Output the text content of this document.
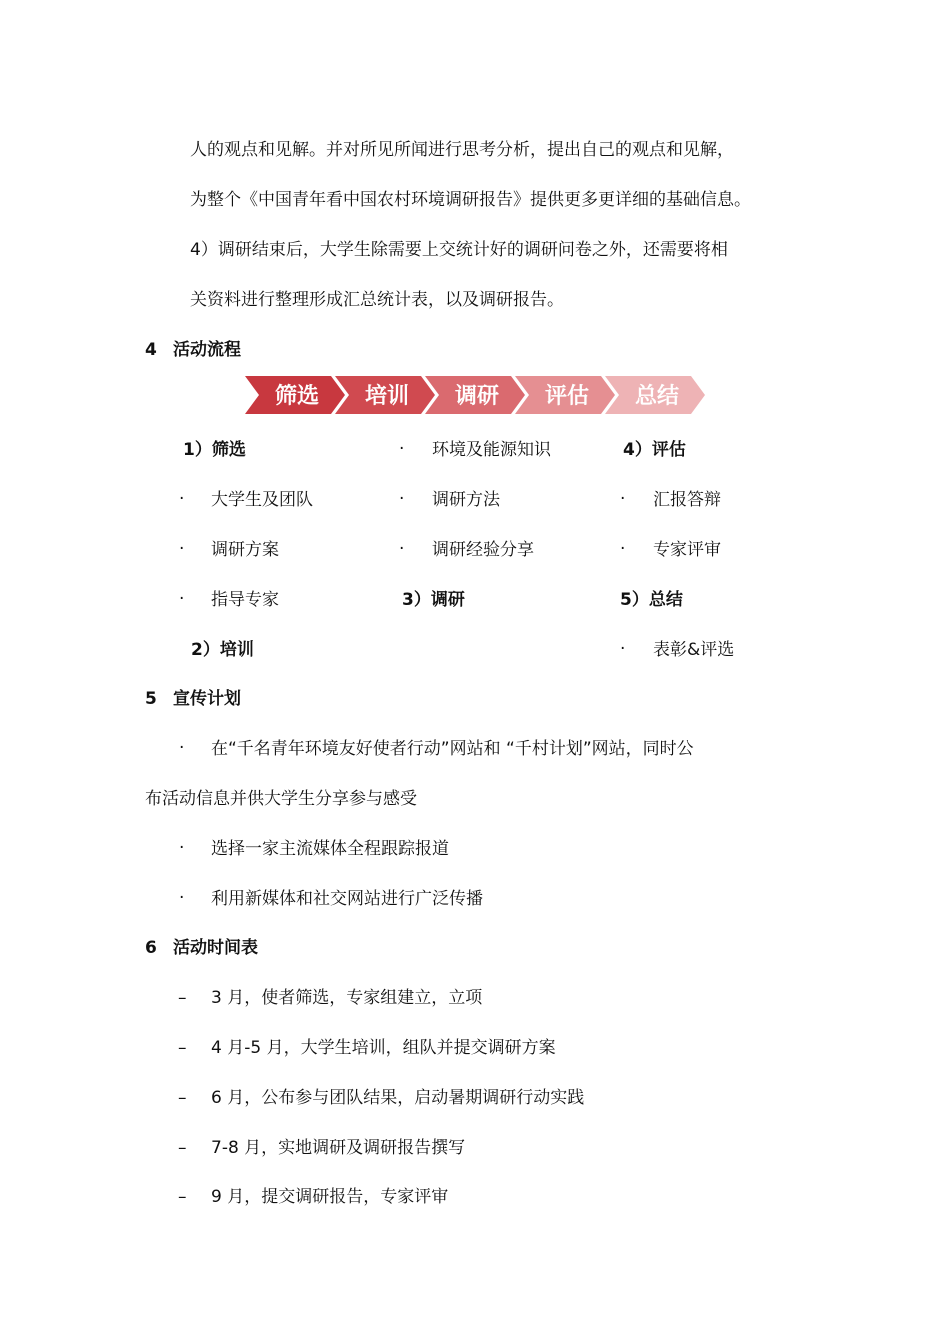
人的观点和见解。并对所见所闻进行思考分析，提出自己的观点和见解，
为整个《中国青年看中国农村环境调研报告》提供更多更详细的基础信息。
4）调研结束后，大学生除需要上交统计好的调研问卷之外，还需要将相
关资料进行整理形成汇总统计表，以及调研报告。
4 活动流程
筛选 培训 调研 评估 总结
1）筛选
· 大学生及团队
· 调研方案
· 指导专家
2）培训
· 环境及能源知识
· 调研方法
· 调研经验分享
3）调研
4）评估
· 汇报答辩
· 专家评审
5）总结
· 表彰&评选
5 宣传计划
· 在“千名青年环境友好使者行动”网站和 “千村计划”网站，同时公
布活动信息并供大学生分享参与感受
· 选择一家主流媒体全程跟踪报道
· 利用新媒体和社交网站进行广泛传播
6 活动时间表
– 3 月，使者筛选，专家组建立，立项
– 4 月-5 月，大学生培训，组队并提交调研方案
– 6 月，公布参与团队结果，启动暑期调研行动实践
– 7-8 月，实地调研及调研报告撰写
– 9 月，提交调研报告，专家评审
